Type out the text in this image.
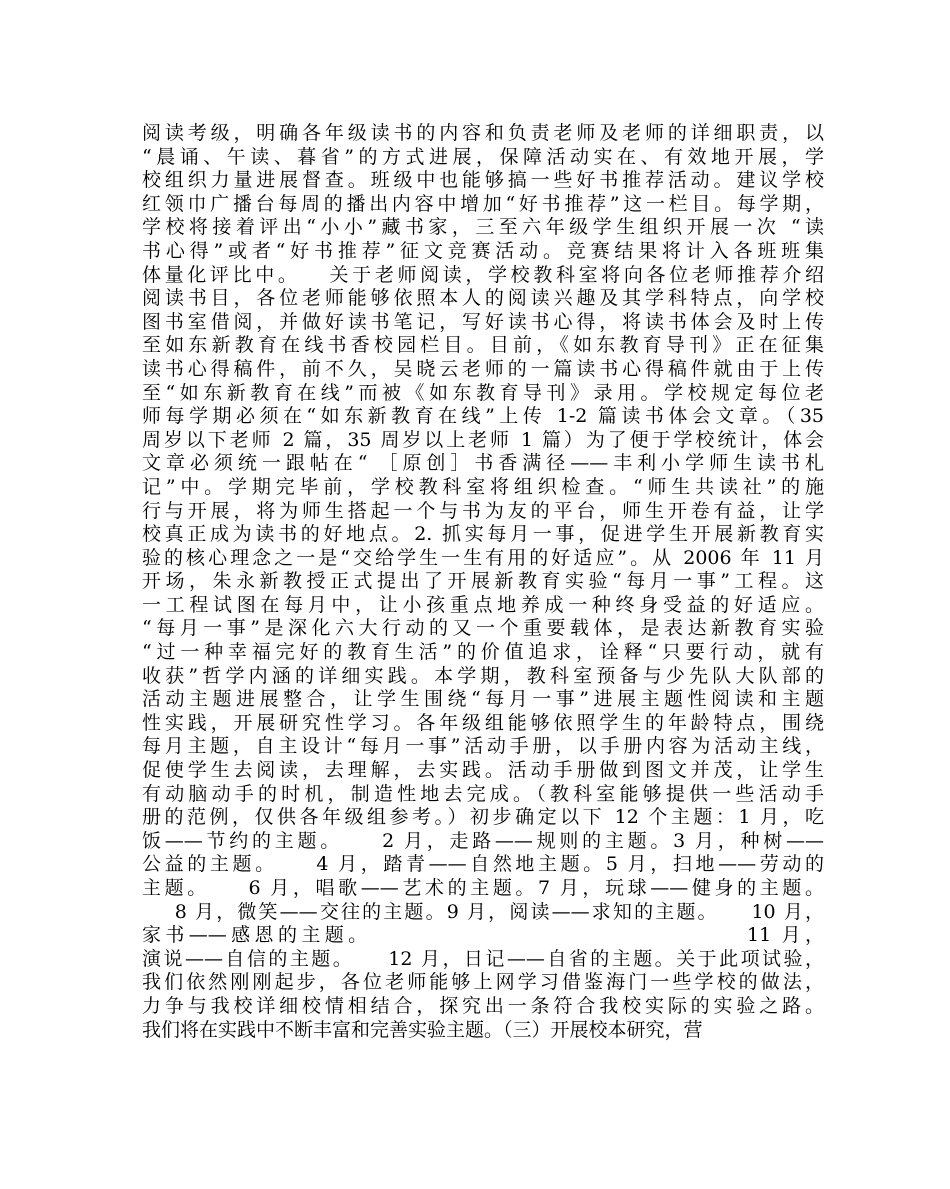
阅读考级，明确各年级读书的内容和负责老师及老师的详细职责，以
“晨诵、午读、暮省”的方式进展，保障活动实在、有效地开展，学
校组织力量进展督查。班级中也能够搞一些好书推荐活动。建议学校
红领巾广播台每周的播出内容中增加“好书推荐”这一栏目。每学期，
学校将接着评出“小小”藏书家，三至六年级学生组织开展一次 “读
书心得”或者“好书推荐”征文竞赛活动。竞赛结果将计入各班班集
体量化评比中。   关于老师阅读，学校教科室将向各位老师推荐介绍
阅读书目，各位老师能够依照本人的阅读兴趣及其学科特点，向学校
图书室借阅，并做好读书笔记，写好读书心得，将读书体会及时上传
至如东新教育在线书香校园栏目。目前，《如东教育导刊》正在征集
读书心得稿件，前不久，吴晓云老师的一篇读书心得稿件就由于上传
至“如东新教育在线”而被《如东教育导刊》录用。学校规定每位老
师每学期必须在“如东新教育在线”上传 1-2 篇读书体会文章。（35
周岁以下老师 2 篇，35 周岁以上老师 1 篇）为了便于学校统计，体会
文章必须统一跟帖在“ ［原创］书香满径——丰利小学师生读书札
记”中。学期完毕前，学校教科室将组织检查。“师生共读社”的施
行与开展，将为师生搭起一个与书为友的平台，师生开卷有益，让学
校真正成为读书的好地点。2. 抓实每月一事，促进学生开展新教育实
验的核心理念之一是“交给学生一生有用的好适应”。从 2006 年 11 月
开场，朱永新教授正式提出了开展新教育实验“每月一事”工程。这
一工程试图在每月中，让小孩重点地养成一种终身受益的好适应。
“每月一事”是深化六大行动的又一个重要载体，是表达新教育实验
“过一种幸福完好的教育生活”的价值追求，诠释“只要行动，就有
收获”哲学内涵的详细实践。本学期，教科室预备与少先队大队部的
活动主题进展整合，让学生围绕“每月一事”进展主题性阅读和主题
性实践，开展研究性学习。各年级组能够依照学生的年龄特点，围绕
每月主题，自主设计“每月一事”活动手册，以手册内容为活动主线，
促使学生去阅读，去理解，去实践。活动手册做到图文并茂，让学生
有动脑动手的时机，制造性地去完成。（教科室能够提供一些活动手
册的范例，仅供各年级组参考。）初步确定以下 12 个主题：1 月，吃
饭——节约的主题。    2 月，走路——规则的主题。3 月，种树——
公益的主题。    4 月，踏青——自然地主题。5 月，扫地——劳动的
主题。    6 月，唱歌——艺术的主题。7 月，玩球——健身的主题。
8 月，微笑——交往的主题。9 月，阅读——求知的主题。    10 月，
家书——感恩的主题。                                    11 月，
演说——自信的主题。    12 月，日记——自省的主题。关于此项试验，
我们依然刚刚起步，各位老师能够上网学习借鉴海门一些学校的做法，
力争与我校详细校情相结合，探究出一条符合我校实际的实验之路。
我们将在实践中不断丰富和完善实验主题。（三）开展校本研究，营
